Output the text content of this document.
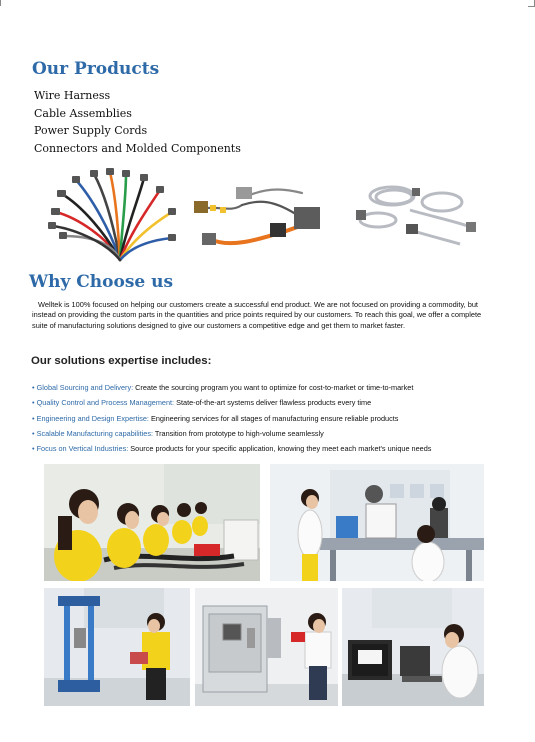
Our Products
Wire Harness
Cable Assemblies
Power Supply Cords
Connectors and Molded Components
Why Choose us

Welltek is 100% focused on helping our customers create a successful end product. We are not focused on providing a commodity, but instead on providing the custom parts in the quantities and price points required by our customers. To reach this goal, we offer a complete suite of manufacturing solutions designed to give our customers a competitive edge and get them to market faster.

Our solutions expertise includes:
• Global Sourcing and Delivery: Create the sourcing program you want to optimize for cost-to-market or time-to-market
• Quality Control and Process Management: State-of-the-art systems deliver flawless products every time
• Engineering and Design Expertise: Engineering services for all stages of manufacturing ensure reliable products
• Scalable Manufacturing capabilities: Transition from prototype to high-volume seamlessly
• Focus on Vertical Industries: Source products for your specific application, knowing they meet each market's unique needs
